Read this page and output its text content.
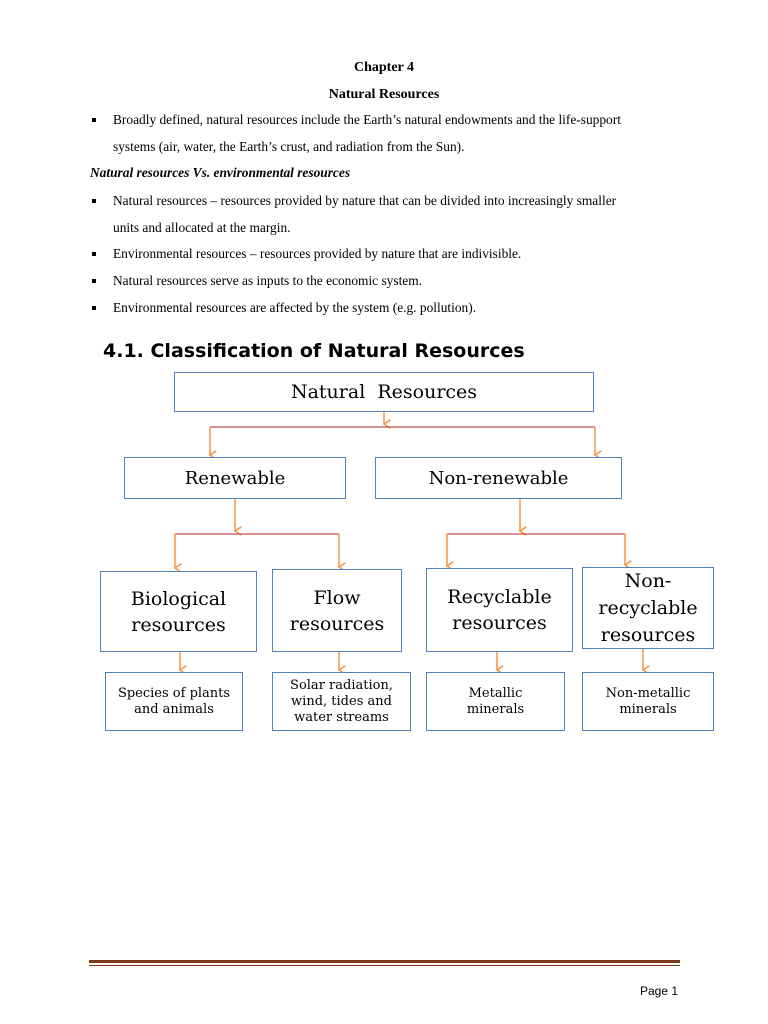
Chapter 4
Natural Resources
Broadly defined, natural resources include the Earth’s natural endowments and the life-support
systems (air, water, the Earth’s crust, and radiation from the Sun).
Natural resources Vs. environmental resources
Natural resources – resources provided by nature that can be divided into increasingly smaller
units and allocated at the margin.
Environmental resources – resources provided by nature that are indivisible.
Natural resources serve as inputs to the economic system.
Environmental resources are affected by the system (e.g. pollution).
4.1. Classification of Natural Resources
Natural  Resources
Renewable	Non-renewable
Biological
resources
Flow
resources
Recyclable
resources
Non-
recyclable
resources
Species of plants
and animals
Solar radiation,
wind, tides and
water streams
Metallic
minerals
Non-metallic
minerals
Page 1
